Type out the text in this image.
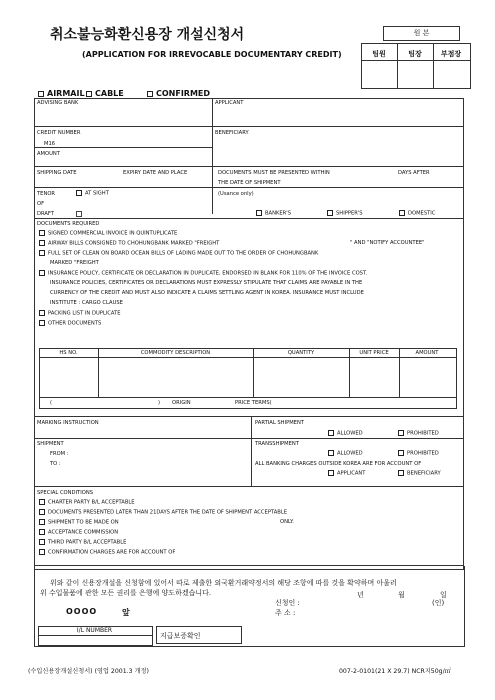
취소불능화환신용장 개설신청서
(APPLICATION FOR IRREVOCABLE DOCUMENTARY CREDIT)
원 본
팀원	팀장	부점장
AIRMAIL	CABLE	CONFIRMED
ADVISING BANK	APPLICANT
CREDIT NUMBER
M16
AMOUNT
BENEFICIARY
SHIPPING DATE	EXPIRY DATE AND PLACE	DOCUMENTS MUST BE PRESENTED WITHIN	DAYS AFTER
THE DATE OF SHIPMENT
TENOR	AT SIGHT
OF
DRAFT
(Usance only)
BANKER'S	SHIPPER'S	DOMESTIC
DOCUMENTS REQUIRED
SIGNED COMMERCIAL INVOICE IN QUINTUPLICATE
AIRWAY BILLS CONSIGNED TO CHOHUNGBANK MARKED "FREIGHT	" AND "NOTIFY ACCOUNTEE"
FULL SET OF CLEAN ON BOARD OCEAN BILLS OF LADING MADE OUT TO THE ORDER OF CHOHUNGBANK
MARKED "FREIGHT
INSURANCE POLICY, CERTIFICATE OR DECLARATION IN DUPLICATE, ENDORSED IN BLANK FOR 110% OF THE INVOICE COST.
INSURANCE POLICIES, CERTIFICATES OR DECLARATIONS MUST EXPRESSLY STIPULATE THAT CLAIMS ARE PAYABLE IN THE
CURRENCY OF THE CREDIT AND MUST ALSO INDICATE A CLAIMS SETTLING AGENT IN KOREA. INSURANCE MUST INCLUDE
INSTITUTE : CARGO CLAUSE
PACKING LIST IN DUPLICATE
OTHER DOCUMENTS
HS NO.	COMMODITY DESCRIPTION	QUANTITY	UNIT PRICE	AMOUNT
(	) ORIGIN	PRICE TERMS(
MARKING INSTRUCTION	PARTIAL SHIPMENT
ALLOWED	PROHIBITED
SHIPMENT
FROM :
TO :
TRANSSHIPMENT
ALLOWED	PROHIBITED
ALL BANKING CHARGES OUTSIDE KOREA ARE FOR ACCOUNT OF
APPLICANT	BENEFICIARY
SPECIAL CONDITIONS
CHARTER PARTY B/L ACCEPTABLE
DOCUMENTS PRESENTED LATER THAN 21DAYS AFTER THE DATE OF SHIPMENT ACCEPTABLE
SHIPMENT TO BE MADE ON	ONLY.
ACCEPTANCE COMMISSION
THIRD PARTY B/L ACCEPTABLE
CONFIRMATION CHARGES ARE FOR ACCOUNT OF
위와 같이 신용장개설을 신청함에 있어서 따로 제출한 외국환거래약정서의 해당 조항에 따를 것을 확약하며 아울러
위 수입물품에 관한 모든 권리를 은행에 양도하겠습니다.	년	월	일
신청인 :	(인)
주 소 :
OOOO	앞
I/L NUMBER
지급보증확인
(수입신용장개설신청서) (영업 2001.3 개정)	007-2-0101(21 X 29.7) NCR지50g/㎡
